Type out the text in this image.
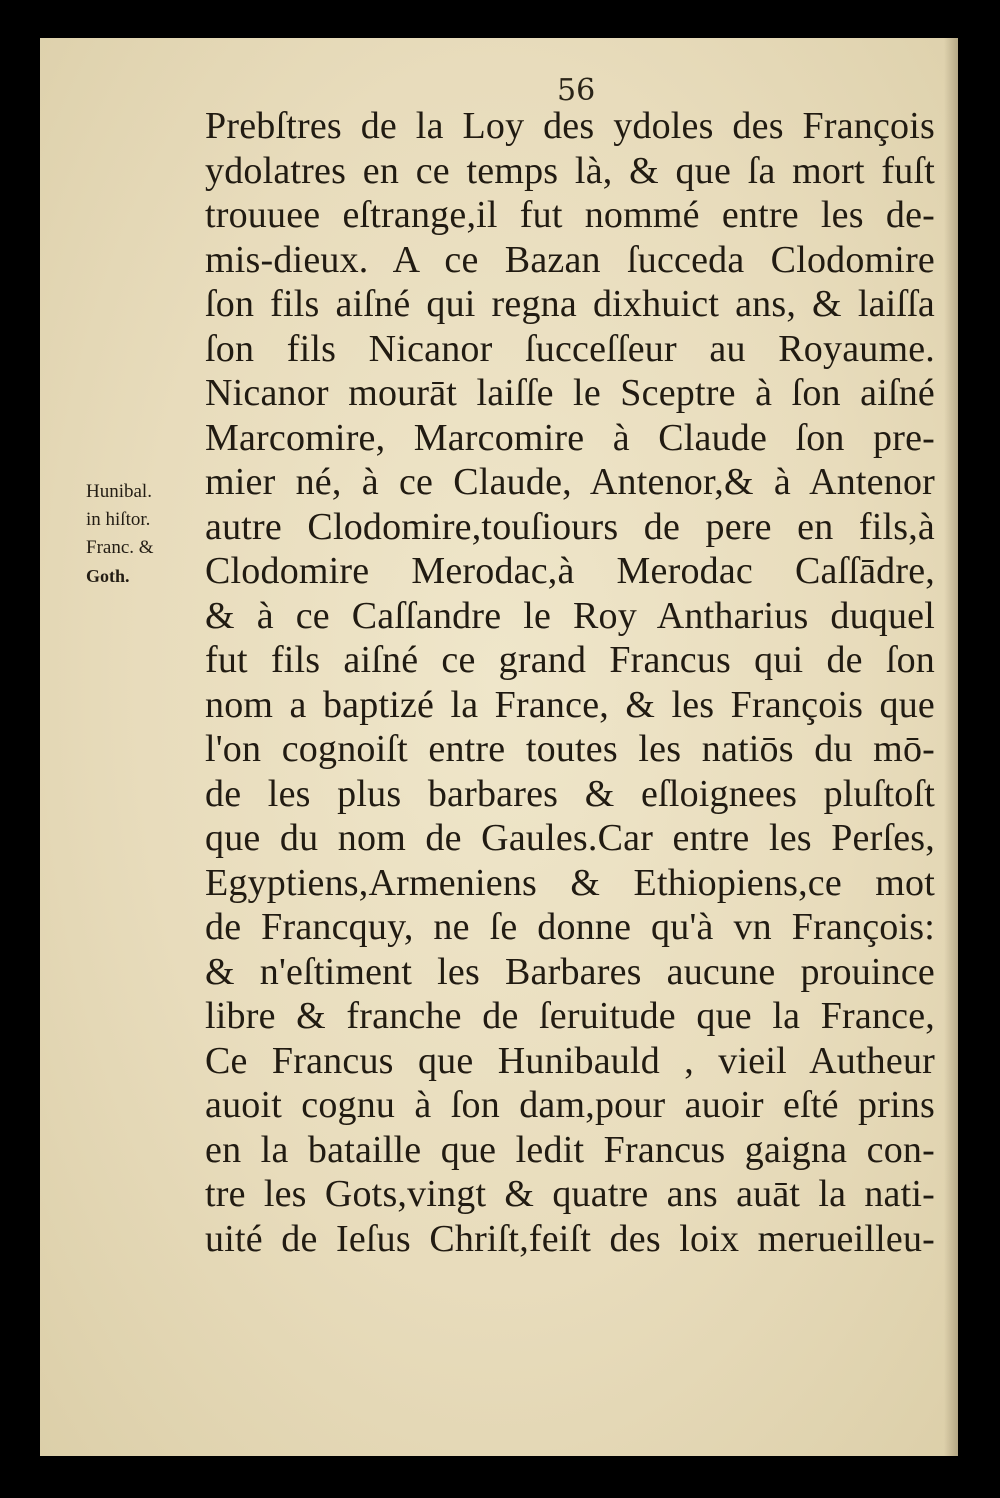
56

Hunibal.
in hiſtor.
Franc. &
Goth.
Prebſtres de la Loy des ydoles des François
ydolatres en ce temps là, & que ſa mort fuſt
trouuee eſtrange,il fut nommé entre les de-
mis-dieux. A ce Bazan ſucceda Clodomire
ſon fils aiſné qui regna dixhuict ans, & laiſſa
ſon fils Nicanor ſucceſſeur au Royaume.
Nicanor mourāt laiſſe le Sceptre à ſon aiſné
Marcomire, Marcomire à Claude ſon pre-
mier né, à ce Claude, Antenor,& à Antenor
autre Clodomire,touſiours de pere en fils,à
Clodomire Merodac,à Merodac Caſſādre,
& à ce Caſſandre le Roy Antharius duquel
fut fils aiſné ce grand Francus qui de ſon
nom a baptizé la France, & les François que
l'on cognoiſt entre toutes les natiōs du mō-
de les plus barbares & eſloignees pluſtoſt
que du nom de Gaules.Car entre les Perſes,
Egyptiens,Armeniens & Ethiopiens,ce mot
de Francquy, ne ſe donne qu'à vn François:
& n'eſtiment les Barbares aucune prouince
libre & franche de ſeruitude que la France,
Ce Francus que Hunibauld , vieil Autheur
auoit cognu à ſon dam,pour auoir eſté prins
en la bataille que ledit Francus gaigna con-
tre les Gots,vingt & quatre ans auāt la nati-
uité de Ieſus Chriſt,feiſt des loix merueilleu-
